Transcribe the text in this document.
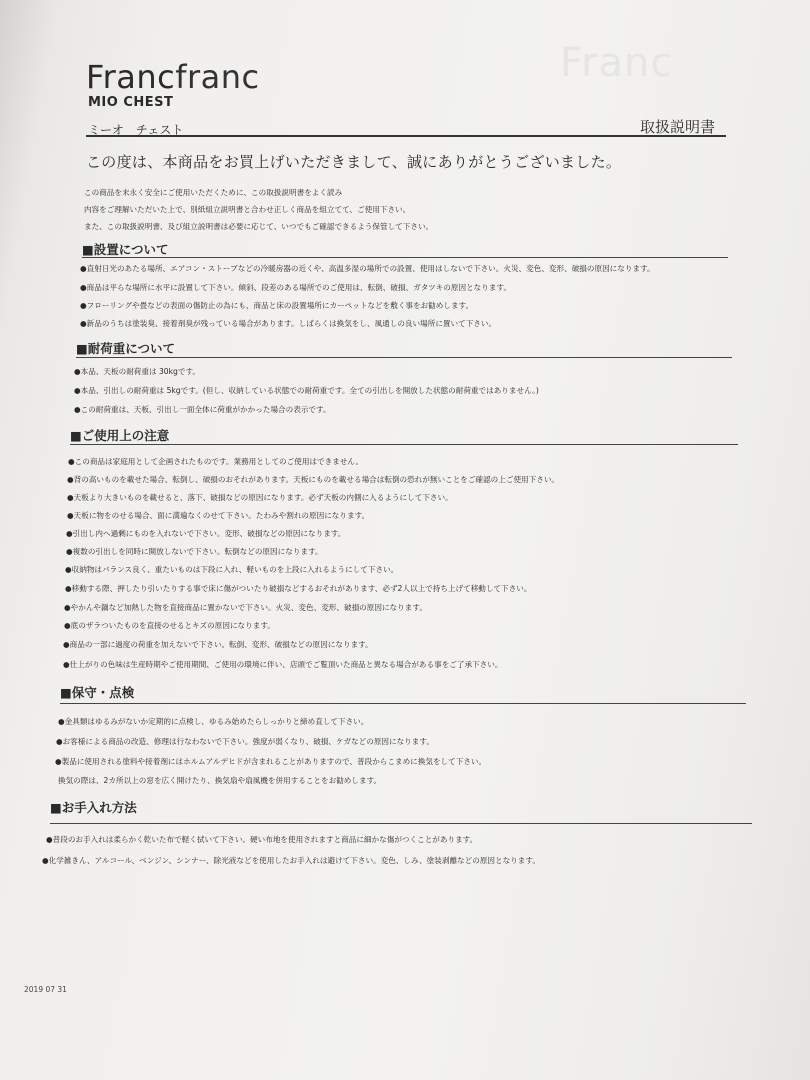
Franc
Francfranc
MIO CHEST
ミーオ　チェスト	取扱説明書
この度は、本商品をお買上げいただきまして、誠にありがとうございました。
この商品を末永く安全にご使用いただくために、この取扱説明書をよく読み
内容をご理解いただいた上で、別紙組立説明書と合わせ正しく商品を組立てて、ご使用下さい。
また、この取扱説明書、及び組立説明書は必要に応じて、いつでもご確認できるよう保管して下さい。
■設置について
●直射日光のあたる場所、エアコン・ストーブなどの冷暖房器の近くや、高温多湿の場所での設置、使用はしないで下さい。火災、変色、変形、破損の原因になります。
●商品は平らな場所に水平に設置して下さい。傾斜、段差のある場所でのご使用は、転倒、破損、ガタツキの原因となります。
●フローリングや畳などの表面の傷防止の為にも、商品と床の設置場所にカーペットなどを敷く事をお勧めします。
●新品のうちは塗装臭、接着剤臭が残っている場合があります。しばらくは換気をし、風通しの良い場所に置いて下さい。
■耐荷重について
●本品、天板の耐荷重は 30kgです。
●本品、引出しの耐荷重は 5kgです。(但し、収納している状態での耐荷重です。全ての引出しを開放した状態の耐荷重ではありません。)
●この耐荷重は、天板、引出し一面全体に荷重がかかった場合の表示です。
■ご使用上の注意
●この商品は家庭用として企画されたものです。業務用としてのご使用はできません。
●背の高いものを載せた場合、転倒し、破損のおそれがあります。天板にものを載せる場合は転倒の恐れが無いことをご確認の上ご使用下さい。
●天板より大きいものを載せると、落下、破損などの原因になります。必ず天板の内側に入るようにして下さい。
●天板に物をのせる場合、面に満遍なくのせて下さい。たわみや割れの原因になります。
●引出し内へ過剰にものを入れないで下さい。変形、破損などの原因になります。
●複数の引出しを同時に開放しないで下さい。転倒などの原因になります。
●収納物はバランス良く、重たいものは下段に入れ、軽いものを上段に入れるようにして下さい。
●移動する際、押したり引いたりする事で床に傷がついたり破損などするおそれがあります、必ず2人以上で持ち上げて移動して下さい。
●やかんや鍋など加熱した物を直接商品に置かないで下さい。火災、変色、変形、破損の原因になります。
●底のザラついたものを直接のせるとキズの原因になります。
●商品の一部に過度の荷重を加えないで下さい。転倒、変形、破損などの原因になります。
●仕上がりの色味は生産時期やご使用期間、ご使用の環境に伴い、店頭でご覧頂いた商品と異なる場合がある事をご了承下さい。
■保守・点検
●金具類はゆるみがないか定期的に点検し、ゆるみ始めたらしっかりと締め直して下さい。
●お客様による商品の改造、修理は行なわないで下さい。強度が弱くなり、破損、ケガなどの原因になります。
●製品に使用される塗料や接着剤にはホルムアルデヒドが含まれることがありますので、普段からこまめに換気をして下さい。
換気の際は、2カ所以上の窓を広く開けたり、換気扇や扇風機を併用することをお勧めします。
■お手入れ方法
●普段のお手入れは柔らかく乾いた布で軽く拭いて下さい。硬い布地を使用されますと商品に細かな傷がつくことがあります。
●化学雑きん、アルコール、ベンジン、シンナー、除光液などを使用したお手入れは避けて下さい。変色、しみ、塗装剥離などの原因となります。
2019 07 31
